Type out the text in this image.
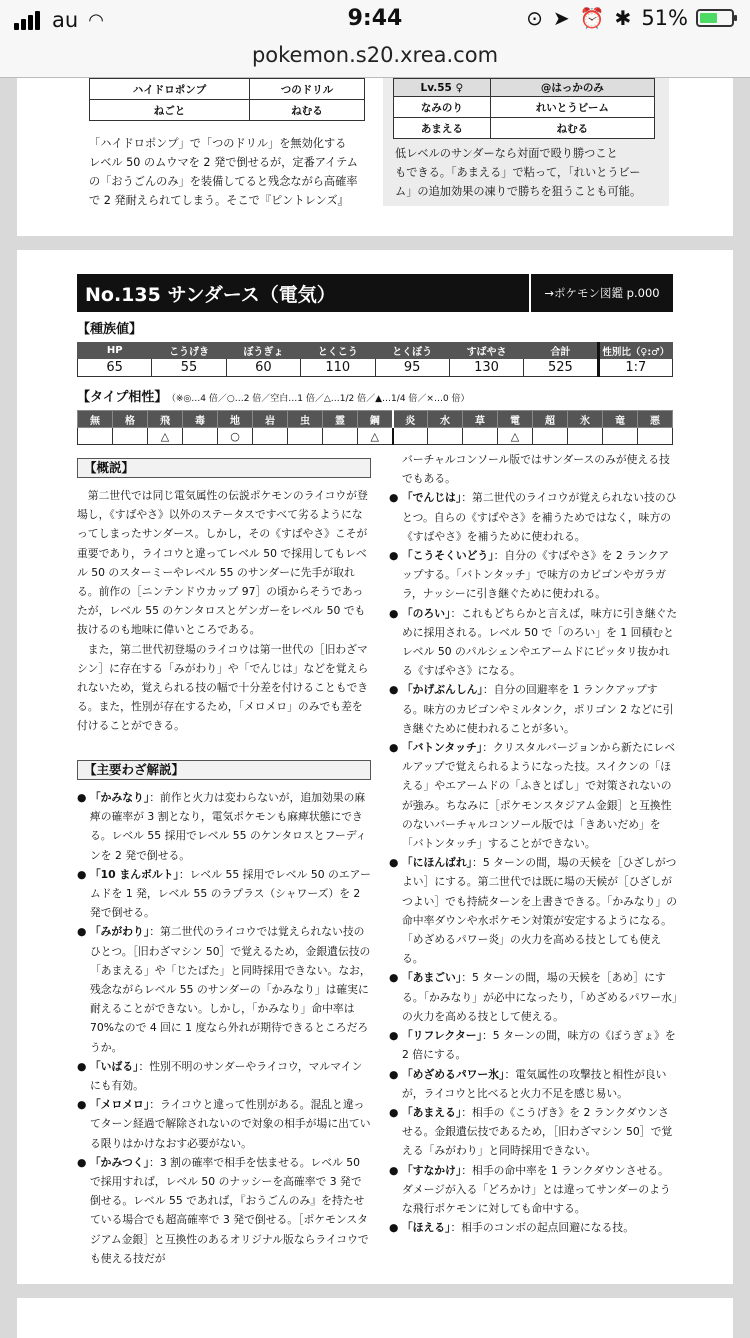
au ◠	9:44	⊙ ➤ ⏰ ✱ 51%
pokemon.s20.xrea.com
ハイドロポンプ	つのドリル
ねごと	ねむる
「ハイドロポンプ」で「つのドリル」を無効化する
レベル 50 のムウマを 2 発で倒せるが，定番アイテム
の「おうごんのみ」を装備してると残念ながら高確率
で 2 発耐えられてしまう。そこで『ピントレンズ』
Lv.55 ♀	@はっかのみ
なみのり	れいとうビーム
あまえる	ねむる
低レベルのサンダーなら対面で殴り勝つこと
もできる。「あまえる」で粘って，「れいとうビー
ム」の追加効果の凍りで勝ちを狙うことも可能。
No.135 サンダース（電気）	→ポケモン図鑑 p.000
【種族値】
HP	こうげき	ぼうぎょ	とくこう	とくぼう	すばやさ	合計	性別比（♀:♂）
65	55	60	110	95	130	525	1:7
【タイプ相性】 （※◎…4 倍／○…2 倍／空白…1 倍／△…1/2 倍／▲…1/4 倍／×…0 倍）
無	格	飛	毒	地	岩	虫	霊	鋼	炎	水	草	電	超	氷	竜	悪
		△		○				△				△				
【概説】

第二世代では同じ電気属性の伝説ポケモンのライコウが登場し，《すばやさ》以外のステータスですべて劣るようになってしまったサンダース。しかし，その《すばやさ》こそが重要であり，ライコウと違ってレベル 50 で採用してもレベル 50 のスターミーやレベル 55 のサンダーに先手が取れる。前作の［ニンテンドウカップ 97］の頃からそうであったが，レベル 55 のケンタロスとゲンガーをレベル 50 でも抜けるのも地味に偉いところである。

また，第二世代初登場のライコウは第一世代の［旧わざマシン］に存在する「みがわり」や「でんじは」などを覚えられないため，覚えられる技の幅で十分差を付けることもできる。また，性別が存在するため，「メロメロ」のみでも差を付けることができる。

【主要わざ解説】

● 「かみなり」：前作と火力は変わらないが，追加効果の麻痺の確率が 3 割となり，電気ポケモンも麻痺状態にできる。レベル 55 採用でレベル 55 のケンタロスとフーディンを 2 発で倒せる。

● 「10 まんボルト」：レベル 55 採用でレベル 50 のエアームドを 1 発，レベル 55 のラプラス（シャワーズ）を 2 発で倒せる。

● 「みがわり」：第二世代のライコウでは覚えられない技のひとつ。［旧わざマシン 50］で覚えるため，金銀遺伝技の「あまえる」や「じたばた」と同時採用できない。なお，残念ながらレベル 55 のサンダーの「かみなり」は確実に耐えることができない。しかし，「かみなり」命中率は 70%なので 4 回に 1 度なら外れが期待できるところだろうか。

● 「いばる」：性別不明のサンダーやライコウ，マルマインにも有効。

● 「メロメロ」：ライコウと違って性別がある。混乱と違ってターン経過で解除されないので対象の相手が場に出ている限りはかけなおす必要がない。

● 「かみつく」：3 割の確率で相手を怯ませる。レベル 50 で採用すれば，レベル 50 のナッシーを高確率で 3 発で倒せる。レベル 55 であれば，『おうごんのみ』を持たせている場合でも超高確率で 3 発で倒せる。［ポケモンスタジアム金銀］と互換性のあるオリジナル版ならライコウでも使える技だが

バーチャルコンソール版ではサンダースのみが使える技でもある。

● 「でんじは」：第二世代のライコウが覚えられない技のひとつ。自らの《すばやさ》を補うためではなく，味方の《すばやさ》を補うために使われる。

● 「こうそくいどう」：自分の《すばやさ》を 2 ランクアップする。「バトンタッチ」で味方のカビゴンやガラガラ，ナッシーに引き継ぐために使われる。

● 「のろい」：これもどちらかと言えば，味方に引き継ぐために採用される。レベル 50 で「のろい」を 1 回積むとレベル 50 のパルシェンやエアームドにピッタリ抜かれる《すばやさ》になる。

● 「かげぶんしん」：自分の回避率を 1 ランクアップする。味方のカビゴンやミルタンク，ポリゴン 2 などに引き継ぐために使われることが多い。

● 「バトンタッチ」：クリスタルバージョンから新たにレベルアップで覚えられるようになった技。スイクンの「ほえる」やエアームドの「ふきとばし」で対策されないのが強み。ちなみに［ポケモンスタジアム金銀］と互換性のないバーチャルコンソール版では「きあいだめ」を「バトンタッチ」することができない。

● 「にほんばれ」：5 ターンの間，場の天候を［ひざしがつよい］にする。第二世代では既に場の天候が［ひざしがつよい］でも持続ターンを上書きできる。「かみなり」の命中率ダウンや水ポケモン対策が安定するようになる。「めざめるパワー炎」の火力を高める技としても使える。

● 「あまごい」：5 ターンの間，場の天候を［あめ］にする。「かみなり」が必中になったり，「めざめるパワー水」の火力を高める技として使える。

● 「リフレクター」：5 ターンの間，味方の《ぼうぎょ》を 2 倍にする。

● 「めざめるパワー氷」：電気属性の攻撃技と相性が良いが，ライコウと比べると火力不足を感じ易い。

● 「あまえる」：相手の《こうげき》を 2 ランクダウンさせる。金銀遺伝技であるため，［旧わざマシン 50］で覚える「みがわり」と同時採用できない。

● 「すなかけ」：相手の命中率を 1 ランクダウンさせる。ダメージが入る「どろかけ」とは違ってサンダーのような飛行ポケモンに対しても命中する。

● 「ほえる」：相手のコンボの起点回避になる技。
